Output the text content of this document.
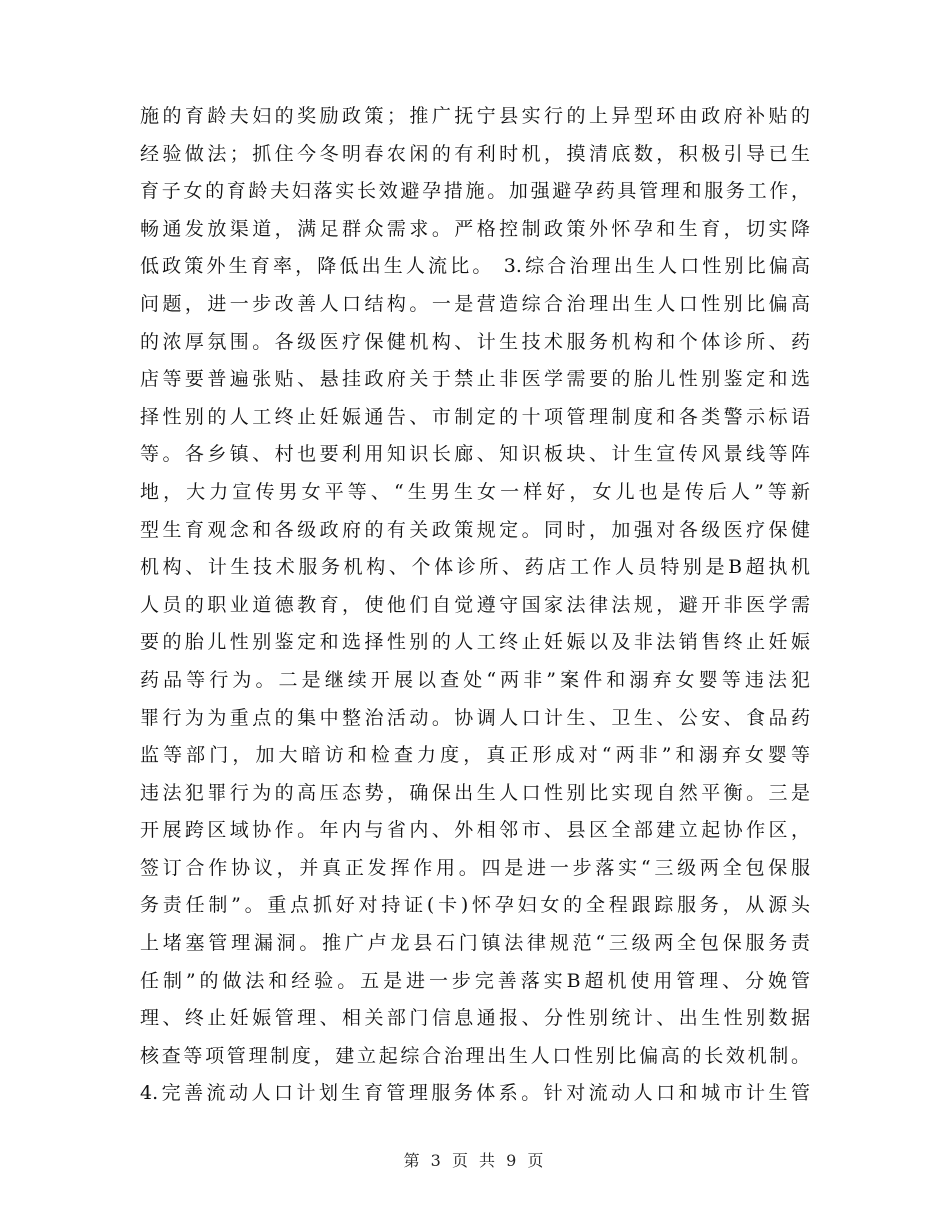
施的育龄夫妇的奖励政策；推广抚宁县实行的上异型环由政府补贴的
经验做法；抓住今冬明春农闲的有利时机，摸清底数，积极引导已生
育子女的育龄夫妇落实长效避孕措施。加强避孕药具管理和服务工作，
畅通发放渠道，满足群众需求。严格控制政策外怀孕和生育，切实降
低政策外生育率，降低出生人流比。 3.综合治理出生人口性别比偏高
问题，进一步改善人口结构。一是营造综合治理出生人口性别比偏高
的浓厚氛围。各级医疗保健机构、计生技术服务机构和个体诊所、药
店等要普遍张贴、悬挂政府关于禁止非医学需要的胎儿性别鉴定和选
择性别的人工终止妊娠通告、市制定的十项管理制度和各类警示标语
等。各乡镇、村也要利用知识长廊、知识板块、计生宣传风景线等阵
地，大力宣传男女平等、“生男生女一样好，女儿也是传后人”等新
型生育观念和各级政府的有关政策规定。同时，加强对各级医疗保健
机构、计生技术服务机构、个体诊所、药店工作人员特别是B超执机
人员的职业道德教育，使他们自觉遵守国家法律法规，避开非医学需
要的胎儿性别鉴定和选择性别的人工终止妊娠以及非法销售终止妊娠
药品等行为。二是继续开展以查处“两非”案件和溺弃女婴等违法犯
罪行为为重点的集中整治活动。协调人口计生、卫生、公安、食品药
监等部门，加大暗访和检查力度，真正形成对“两非”和溺弃女婴等
违法犯罪行为的高压态势，确保出生人口性别比实现自然平衡。三是
开展跨区域协作。年内与省内、外相邻市、县区全部建立起协作区，
签订合作协议，并真正发挥作用。四是进一步落实“三级两全包保服
务责任制”。重点抓好对持证(卡)怀孕妇女的全程跟踪服务，从源头
上堵塞管理漏洞。推广卢龙县石门镇法律规范“三级两全包保服务责
任制”的做法和经验。五是进一步完善落实B超机使用管理、分娩管
理、终止妊娠管理、相关部门信息通报、分性别统计、出生性别数据
核查等项管理制度，建立起综合治理出生人口性别比偏高的长效机制。
4.完善流动人口计划生育管理服务体系。针对流动人口和城市计生管
第 3 页 共 9 页
